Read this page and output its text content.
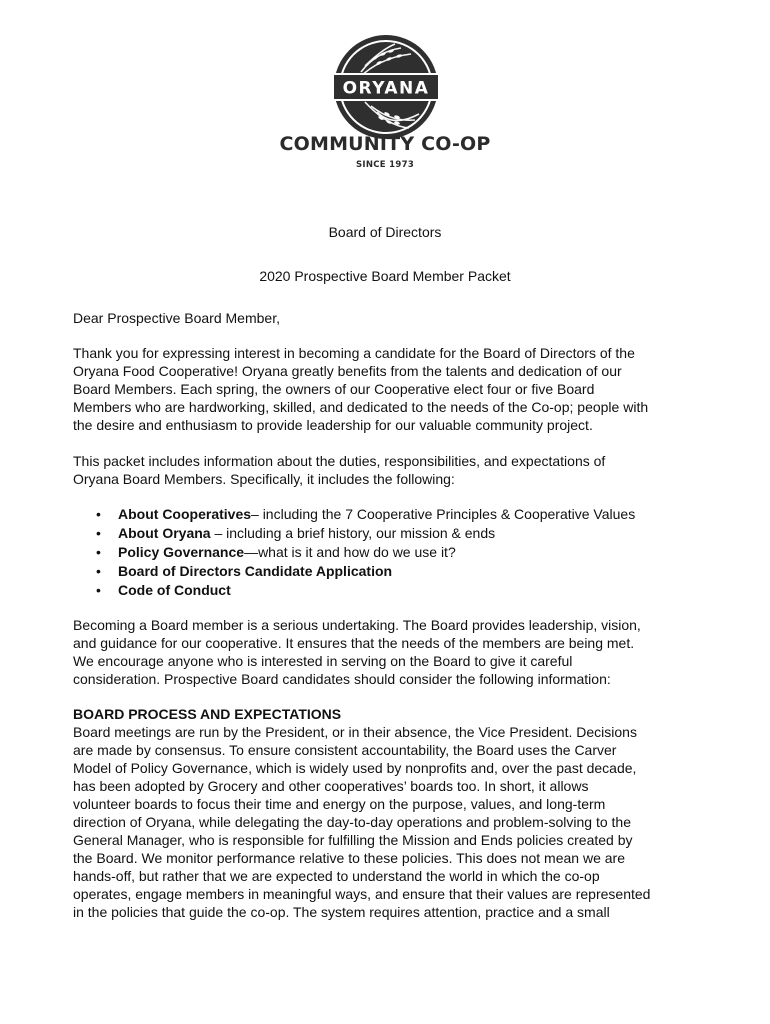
ORYANA
COMMUNITY CO-OP
SINCE 1973
Board of Directors
2020 Prospective Board Member Packet
Dear Prospective Board Member,
Thank you for expressing interest in becoming a candidate for the Board of Directors of the
Oryana Food Cooperative! Oryana greatly benefits from the talents and dedication of our
Board Members. Each spring, the owners of our Cooperative elect four or five Board
Members who are hardworking, skilled, and dedicated to the needs of the Co-op; people with
the desire and enthusiasm to provide leadership for our valuable community project.
This packet includes information about the duties, responsibilities, and expectations of
Oryana Board Members. Specifically, it includes the following:
• About Cooperatives– including the 7 Cooperative Principles & Cooperative Values
• About Oryana – including a brief history, our mission & ends
• Policy Governance—what is it and how do we use it?
• Board of Directors Candidate Application
• Code of Conduct
Becoming a Board member is a serious undertaking. The Board provides leadership, vision,
and guidance for our cooperative. It ensures that the needs of the members are being met.
We encourage anyone who is interested in serving on the Board to give it careful
consideration. Prospective Board candidates should consider the following information:
BOARD PROCESS AND EXPECTATIONS
Board meetings are run by the President, or in their absence, the Vice President. Decisions
are made by consensus. To ensure consistent accountability, the Board uses the Carver
Model of Policy Governance, which is widely used by nonprofits and, over the past decade,
has been adopted by Grocery and other cooperatives’ boards too. In short, it allows
volunteer boards to focus their time and energy on the purpose, values, and long-term
direction of Oryana, while delegating the day-to-day operations and problem-solving to the
General Manager, who is responsible for fulfilling the Mission and Ends policies created by
the Board. We monitor performance relative to these policies. This does not mean we are
hands-off, but rather that we are expected to understand the world in which the co-op
operates, engage members in meaningful ways, and ensure that their values are represented
in the policies that guide the co-op. The system requires attention, practice and a small
